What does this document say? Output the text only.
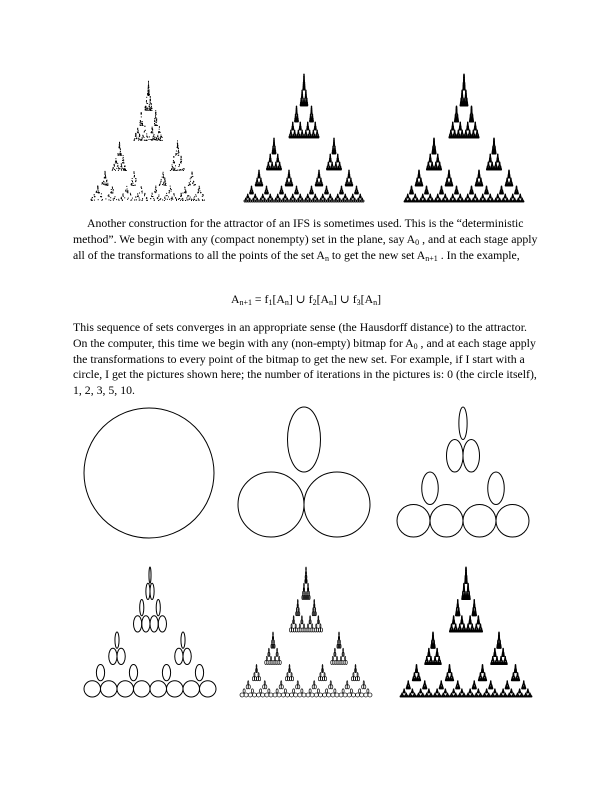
Another construction for the attractor of an IFS is sometimes used. This is the “deterministic method”. We begin with any (compact nonempty) set in the plane, say $A_0$ , and at each stage apply all of the transformations to all the points of the set $A_n$ to get the new set $A_{n+1}$ . In the example,

$A_{n+1} = f_1[A_n]$ ∪ $f_2[A_n]$ ∪ $f_3[A_n]$

This sequence of sets converges in an appropriate sense (the Hausdorff distance) to the attractor. On the computer, this time we begin with any (non-empty) bitmap for $A_0$ , and at each stage apply the transformations to every point of the bitmap to get the new set. For example, if I start with a circle, I get the pictures shown here; the number of iterations in the pictures is: 0 (the circle itself), 1, 2, 3, 5, 10.
